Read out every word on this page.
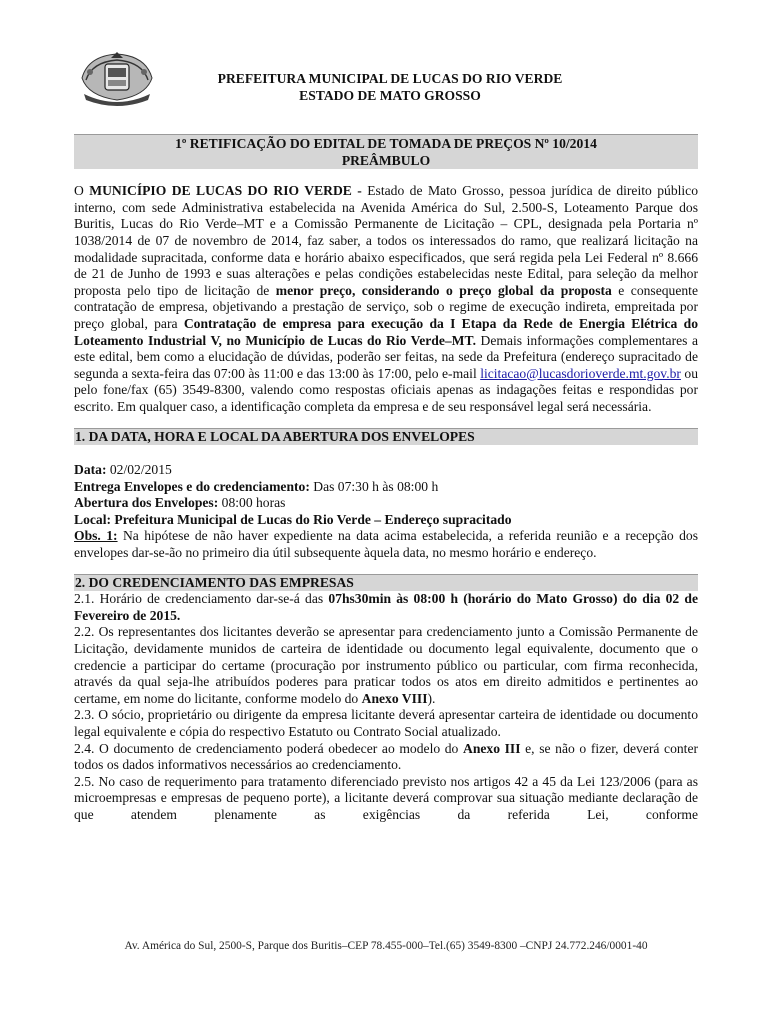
PREFEITURA MUNICIPAL DE LUCAS DO RIO VERDE
ESTADO DE MATO GROSSO
1º RETIFICAÇÃO DO EDITAL DE TOMADA DE PREÇOS Nº 10/2014
PREÂMBULO

O MUNICÍPIO DE LUCAS DO RIO VERDE - Estado de Mato Grosso, pessoa jurídica de direito público interno, com sede Administrativa estabelecida na Avenida América do Sul, 2.500-S, Loteamento Parque dos Buritis, Lucas do Rio Verde–MT e a Comissão Permanente de Licitação – CPL, designada pela Portaria nº 1038/2014 de 07 de novembro de 2014, faz saber, a todos os interessados do ramo, que realizará licitação na modalidade supracitada, conforme data e horário abaixo especificados, que será regida pela Lei Federal nº 8.666 de 21 de Junho de 1993 e suas alterações e pelas condições estabelecidas neste Edital, para seleção da melhor proposta pelo tipo de licitação de menor preço, considerando o preço global da proposta e consequente contratação de empresa, objetivando a prestação de serviço, sob o regime de execução indireta, empreitada por preço global, para Contratação de empresa para execução da I Etapa da Rede de Energia Elétrica do Loteamento Industrial V, no Município de Lucas do Rio Verde–MT. Demais informações complementares a este edital, bem como a elucidação de dúvidas, poderão ser feitas, na sede da Prefeitura (endereço supracitado de segunda a sexta-feira das 07:00 às 11:00 e das 13:00 às 17:00, pelo e-mail licitacao@lucasdorioverde.mt.gov.br ou pelo fone/fax (65) 3549-8300, valendo como respostas oficiais apenas as indagações feitas e respondidas por escrito. Em qualquer caso, a identificação completa da empresa e de seu responsável legal será necessária.

1. DA DATA, HORA E LOCAL DA ABERTURA DOS ENVELOPES
Data: 02/02/2015
Entrega Envelopes e do credenciamento: Das 07:30 h às 08:00 h
Abertura dos Envelopes: 08:00 horas
Local: Prefeitura Municipal de Lucas do Rio Verde – Endereço supracitado

Obs. 1: Na hipótese de não haver expediente na data acima estabelecida, a referida reunião e a recepção dos envelopes dar-se-ão no primeiro dia útil subsequente àquela data, no mesmo horário e endereço.

2. DO CREDENCIAMENTO DAS EMPRESAS

2.1. Horário de credenciamento dar-se-á das 07hs30min às 08:00 h (horário do Mato Grosso) do dia 02 de Fevereiro de 2015.

2.2. Os representantes dos licitantes deverão se apresentar para credenciamento junto a Comissão Permanente de Licitação, devidamente munidos de carteira de identidade ou documento legal equivalente, documento que o credencie a participar do certame (procuração por instrumento público ou particular, com firma reconhecida, através da qual seja-lhe atribuídos poderes para praticar todos os atos em direito admitidos e pertinentes ao certame, em nome do licitante, conforme modelo do Anexo VIII).

2.3. O sócio, proprietário ou dirigente da empresa licitante deverá apresentar carteira de identidade ou documento legal equivalente e cópia do respectivo Estatuto ou Contrato Social atualizado.

2.4. O documento de credenciamento poderá obedecer ao modelo do Anexo III e, se não o fizer, deverá conter todos os dados informativos necessários ao credenciamento.

2.5. No caso de requerimento para tratamento diferenciado previsto nos artigos 42 a 45 da Lei 123/2006 (para as microempresas e empresas de pequeno porte), a licitante deverá comprovar sua situação mediante declaração de que atendem plenamente as exigências da referida Lei, conforme

Av. América do Sul, 2500-S, Parque dos Buritis–CEP 78.455-000–Tel.(65) 3549-8300 –CNPJ 24.772.246/0001-40
